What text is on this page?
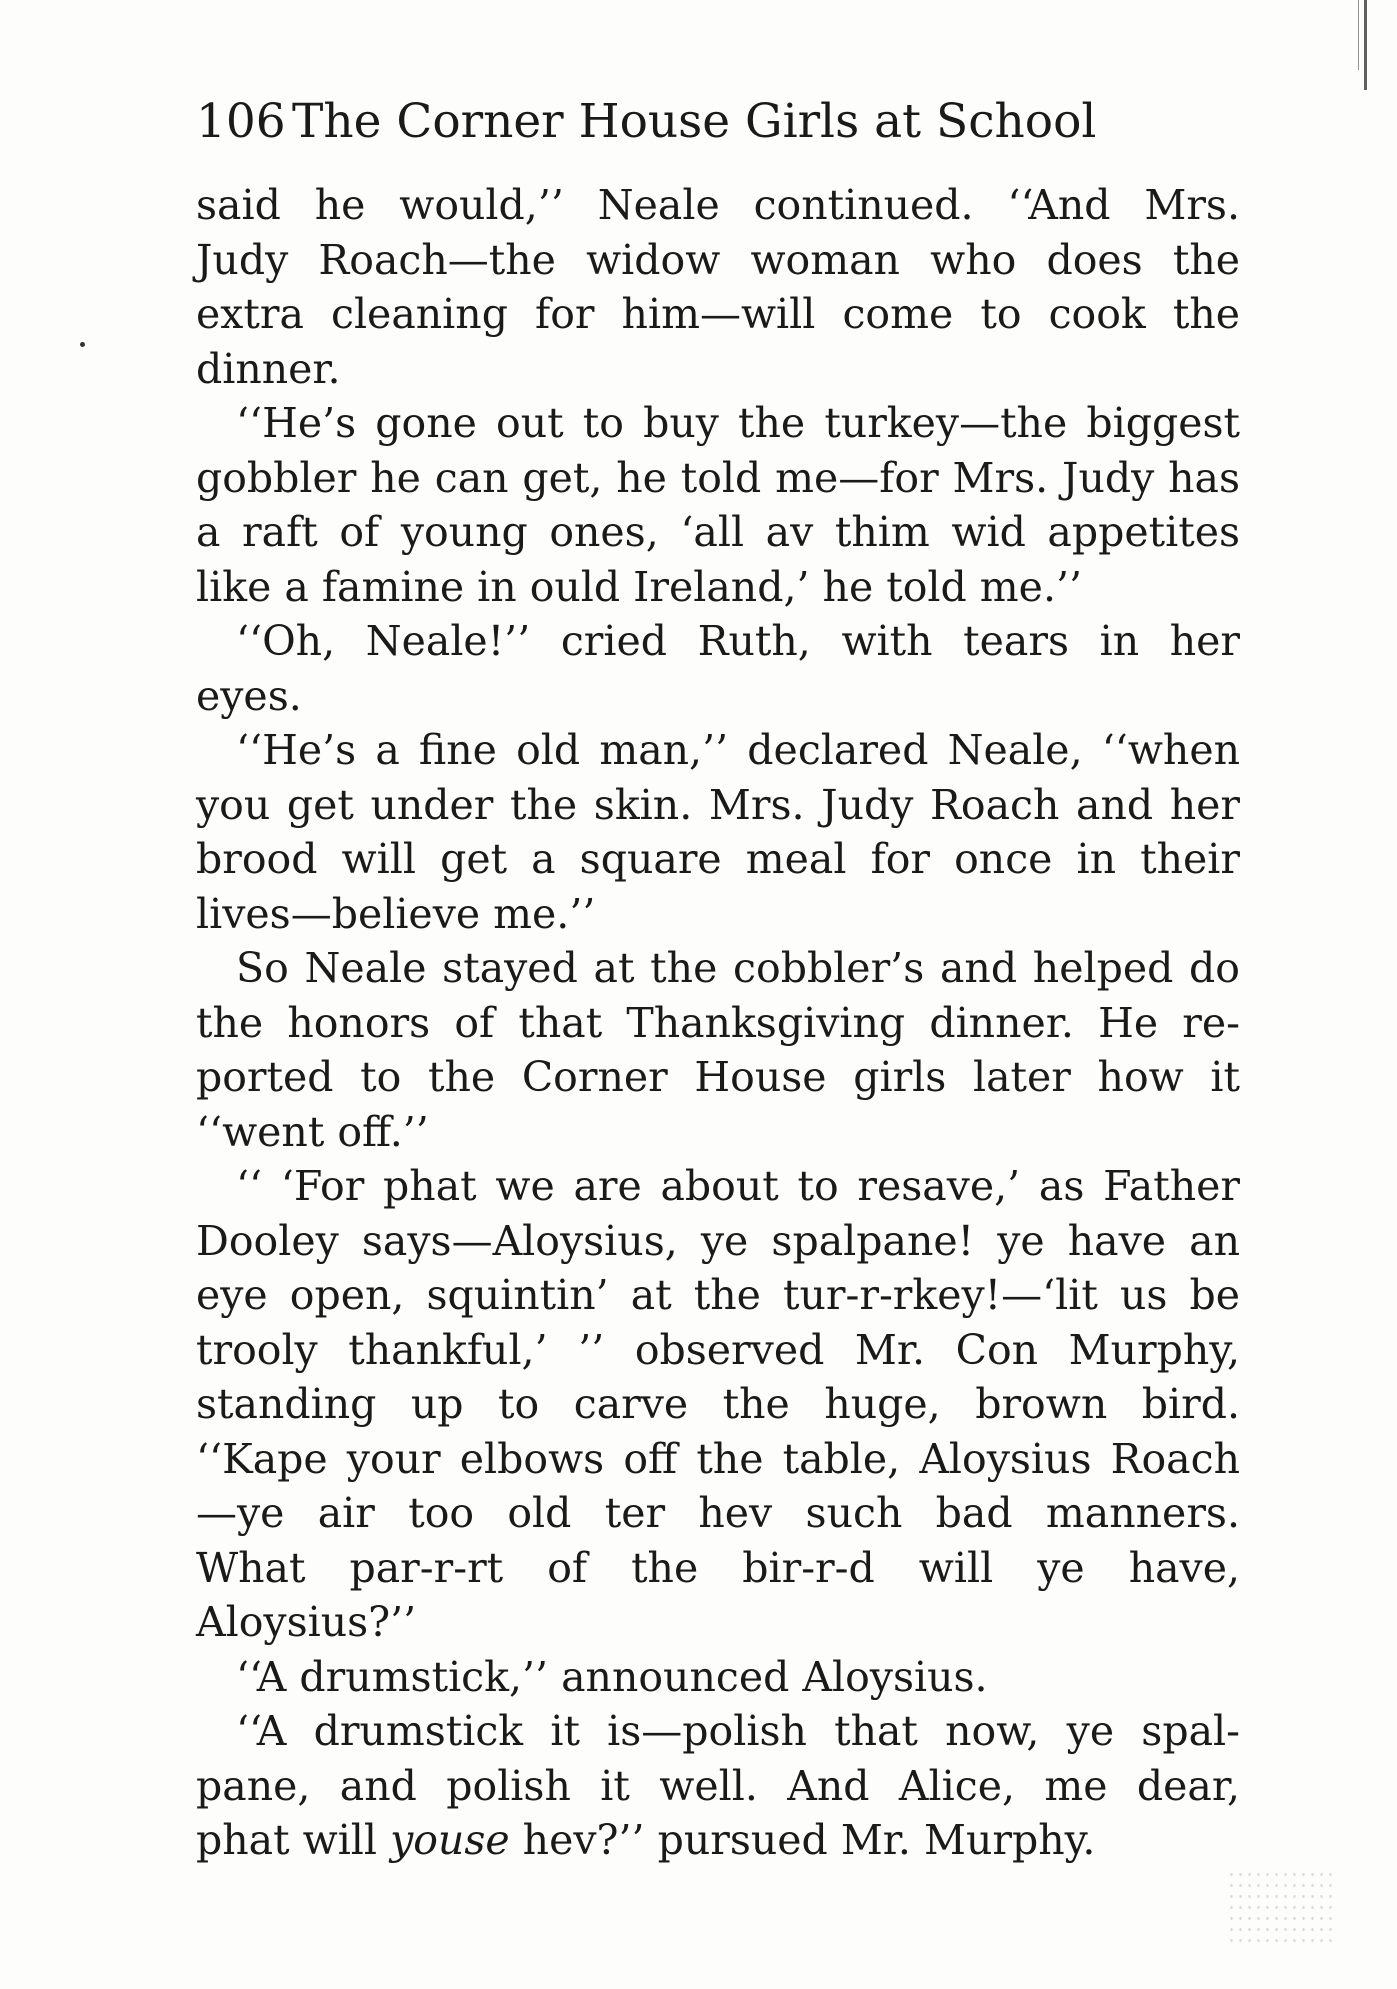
106 The Corner House Girls at School
said he would,’’ Neale continued. ‘‘And Mrs.
Judy Roach—the widow woman who does the
extra cleaning for him—will come to cook the
dinner.
‘‘He’s gone out to buy the turkey—the biggest
gobbler he can get, he told me—for Mrs. Judy has
a raft of young ones, ‘all av thim wid appetites
like a famine in ould Ireland,’ he told me.’’
‘‘Oh, Neale!’’ cried Ruth, with tears in her
eyes.
‘‘He’s a fine old man,’’ declared Neale, ‘‘when
you get under the skin. Mrs. Judy Roach and her
brood will get a square meal for once in their
lives—believe me.’’
So Neale stayed at the cobbler’s and helped do
the honors of that Thanksgiving dinner. He re-
ported to the Corner House girls later how it
‘‘went off.’’
‘‘ ‘For phat we are about to resave,’ as Father
Dooley says—Aloysius, ye spalpane! ye have an
eye open, squintin’ at the tur-r-rkey!—‘lit us be
trooly thankful,’ ’’ observed Mr. Con Murphy,
standing up to carve the huge, brown bird.
‘‘Kape your elbows off the table, Aloysius Roach
—ye air too old ter hev such bad manners.
What par-r-rt of the bir-r-d will ye have,
Aloysius?’’
‘‘A drumstick,’’ announced Aloysius.
‘‘A drumstick it is—polish that now, ye spal-
pane, and polish it well. And Alice, me dear,
phat will youse hev?’’ pursued Mr. Murphy.
